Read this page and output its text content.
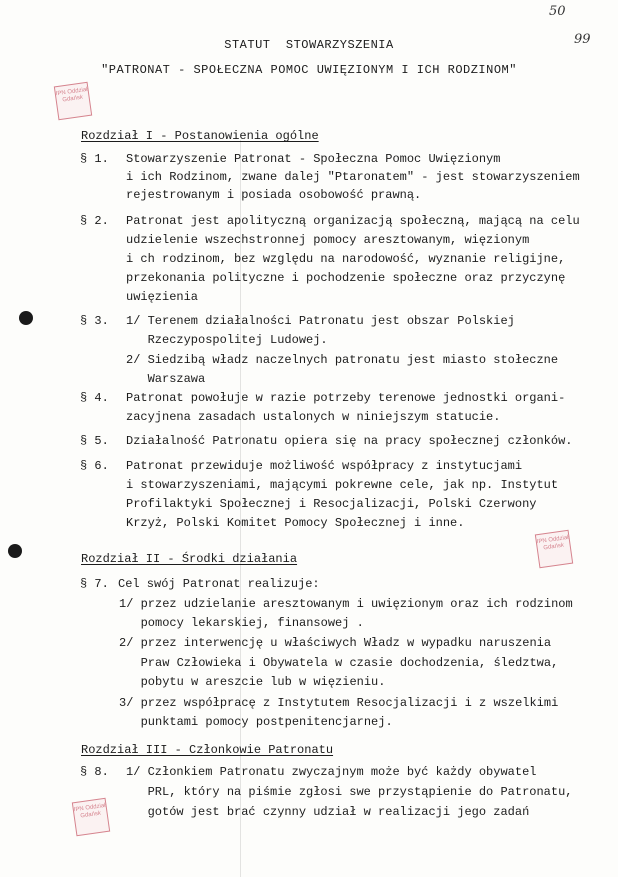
50
99
STATUT  STOWARZYSZENIA
"PATRONAT - SPOŁECZNA POMOC UWIĘZIONYM I ICH RODZINOM"
IPN Oddział Gdańsk
IPN Oddział Gdańsk
IPN Oddział Gdańsk
Rozdział I - Postanowienia ogólne
§ 1. Stowarzyszenie Patronat - Społeczna Pomoc Uwięzionym
i ich Rodzinom, zwane dalej "Ptaronatem" - jest stowarzyszeniem
rejestrowanym i posiada osobowość prawną.
§ 2. Patronat jest apolityczną organizacją społeczną, mającą na celu
udzielenie wszechstronnej pomocy aresztowanym, więzionym
i ch rodzinom, bez względu na narodowość, wyznanie religijne,
przekonania polityczne i pochodzenie społeczne oraz przyczynę
uwięzienia
§ 3. 1/ Terenem działalności Patronatu jest obszar Polskiej
Rzeczypospolitej Ludowej.
2/ Siedzibą władz naczelnych patronatu jest miasto stołeczne
Warszawa
§ 4. Patronat powołuje w razie potrzeby terenowe jednostki organi-
zacyjnena zasadach ustalonych w niniejszym statucie.
§ 5. Działalność Patronatu opiera się na pracy społecznej członków.
§ 6. Patronat przewiduje możliwość współpracy z instytucjami
i stowarzyszeniami, mającymi pokrewne cele, jak np. Instytut
Profilaktyki Społecznej i Resocjalizacji, Polski Czerwony
Krzyż, Polski Komitet Pomocy Społecznej i inne.
Rozdział II - Środki działania
§ 7. Cel swój Patronat realizuje:
1/ przez udzielanie aresztowanym i uwięzionym oraz ich rodzinom
pomocy lekarskiej, finansowej .
2/ przez interwencję u właściwych Władz w wypadku naruszenia
Praw Człowieka i Obywatela w czasie dochodzenia, śledztwa,
pobytu w areszcie lub w więzieniu.
3/ przez współpracę z Instytutem Resocjalizacji i z wszelkimi
punktami pomocy postpenitencjarnej.
Rozdział III - Członkowie Patronatu
§ 8. 1/ Członkiem Patronatu zwyczajnym może być każdy obywatel
PRL, który na piśmie zgłosi swe przystąpienie do Patronatu,
gotów jest brać czynny udział w realizacji jego zadań
